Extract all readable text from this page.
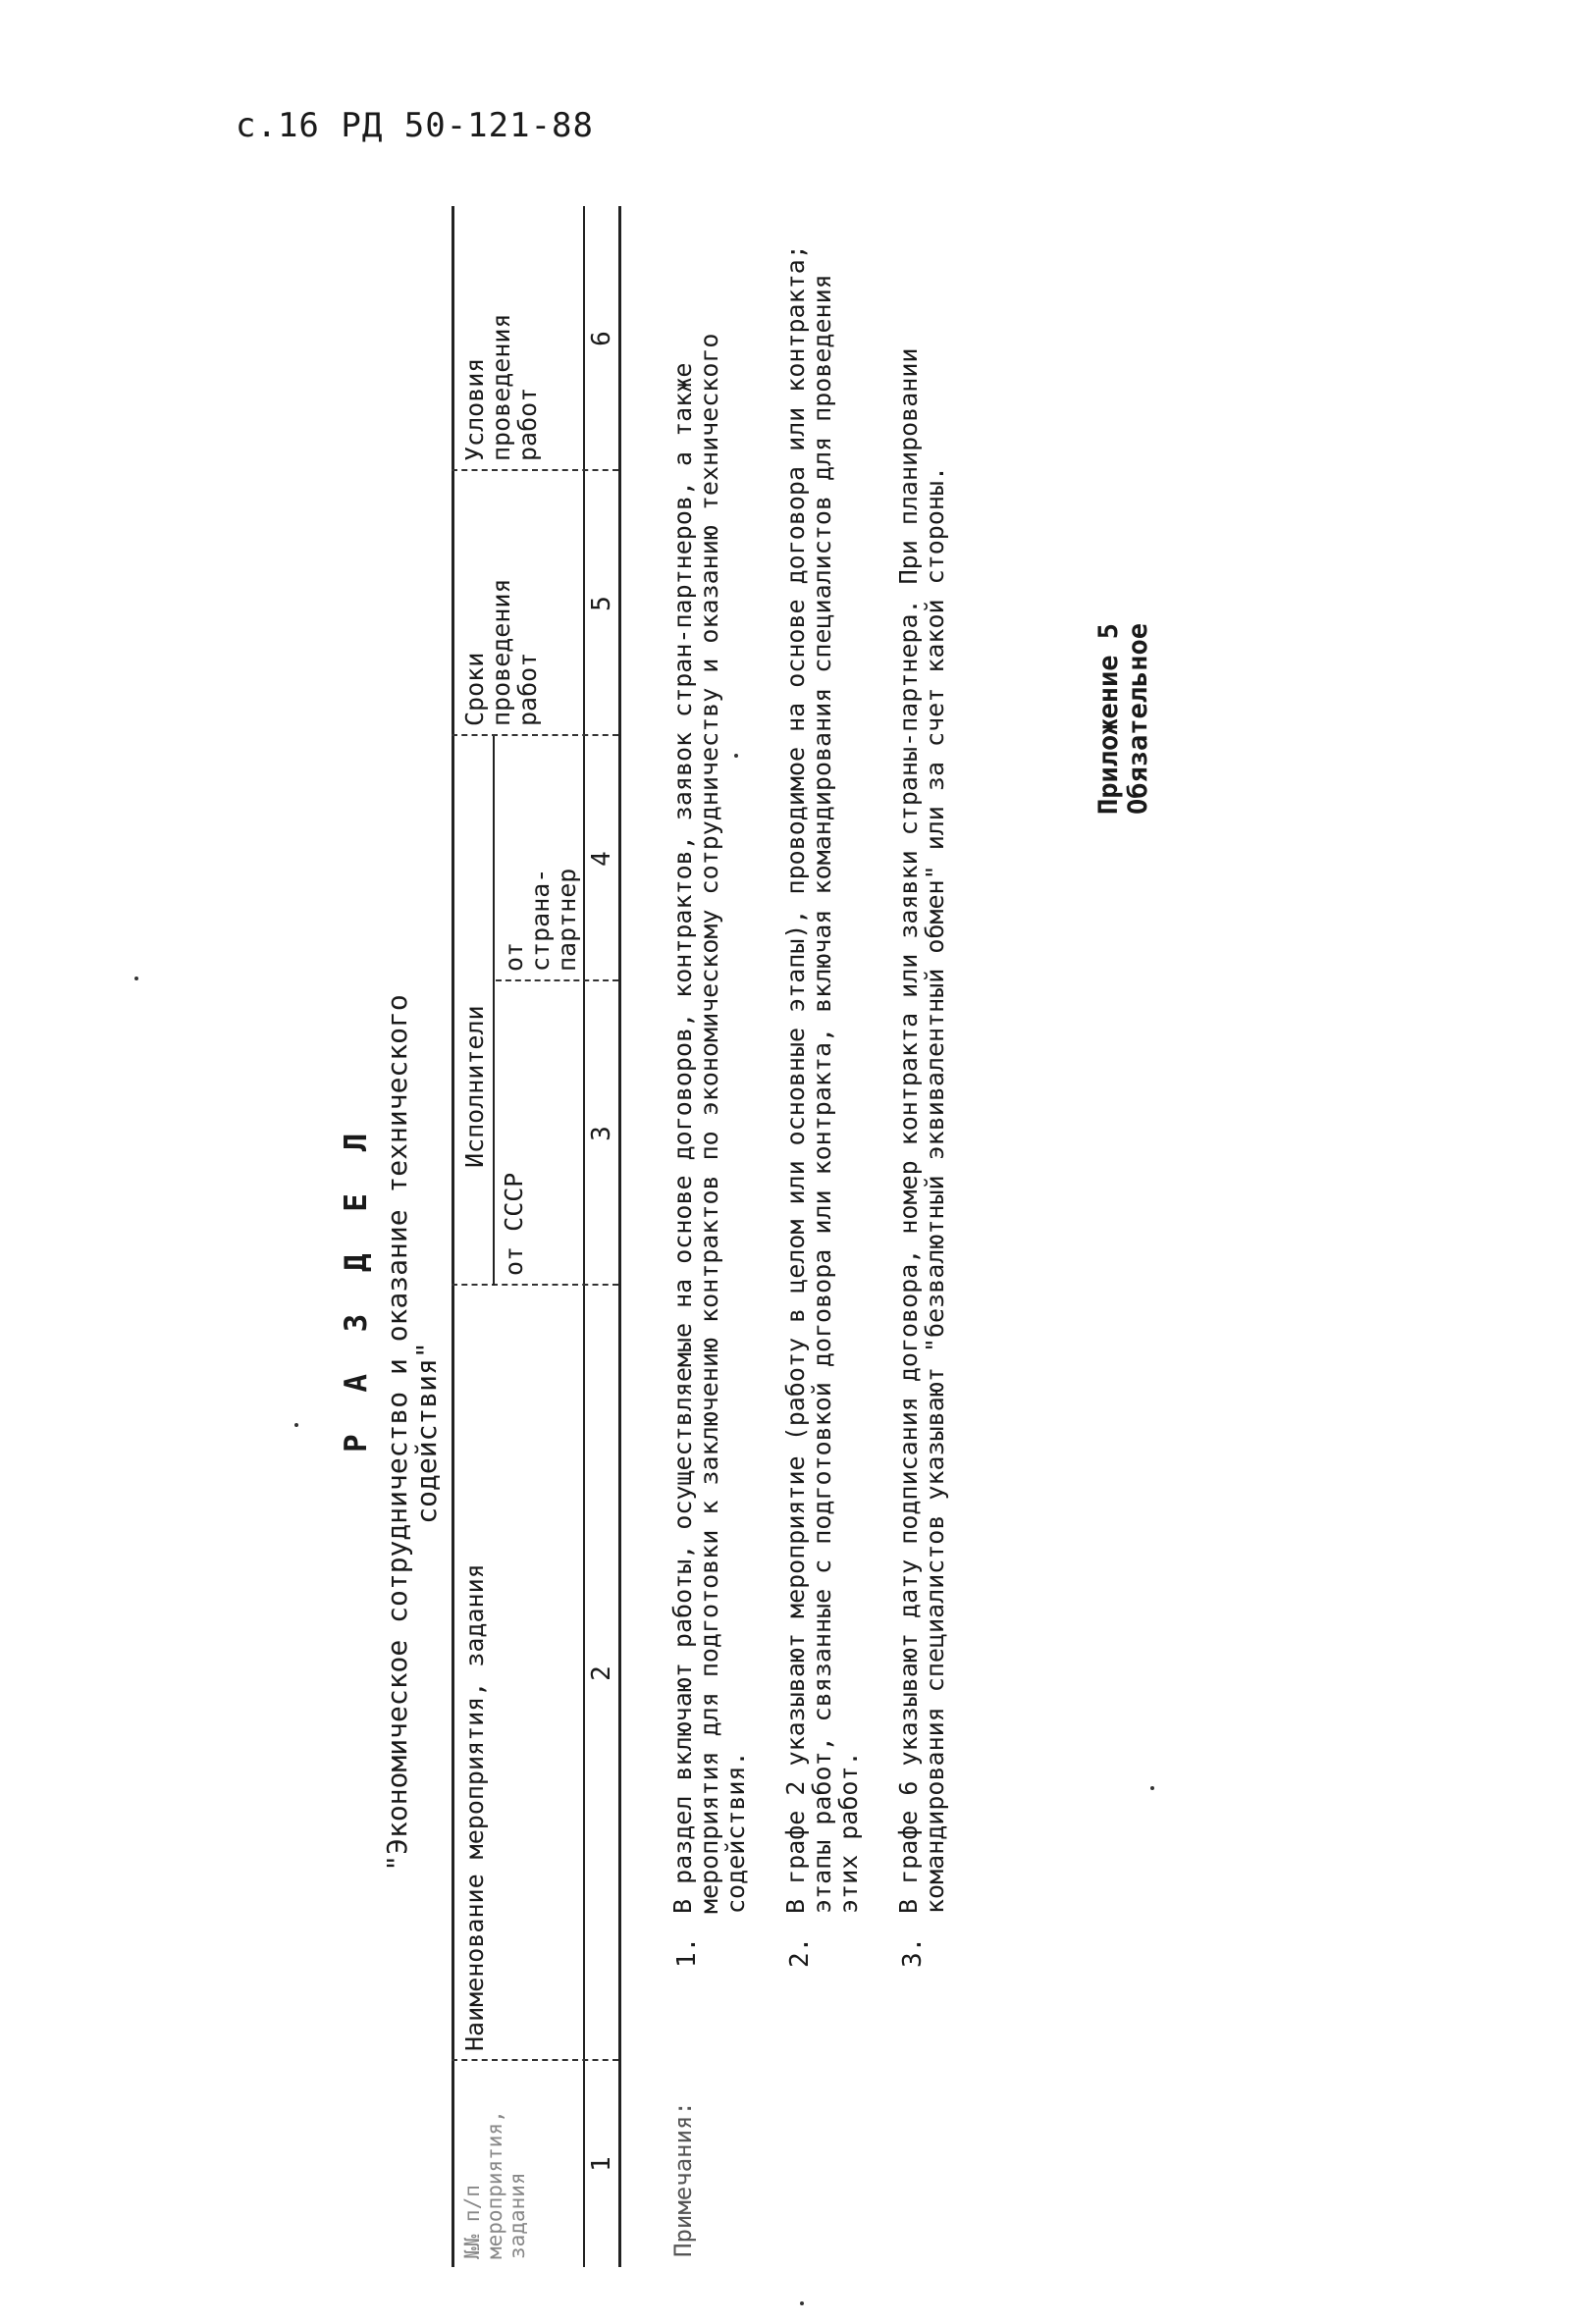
с.16 РД 50-121-88
Приложение 5 Обязательное
Р А З Д Е Л "Экономическое сотрудничество и оказание технического содействия"
№№ п/п мероприятия, задания
Наименование мероприятия, задания
Исполнители
от СССР
от страна-партнер
Сроки проведения работ
Условия проведения работ
1
2
3
4
5
6
Примечания:
1.
В раздел включают работы, осуществляемые на основе договоров, контрактов, заявок стран-партнеров, а также мероприятия для подготовки к заключению контрактов по экономическому сотрудничеству и оказанию технического содействия.
2.
В графе 2 указывают мероприятие (работу в целом или основные этапы), проводимое на основе договора или контракта; этапы работ, связанные с подготовкой договора или контракта, включая командирования специалистов для проведения этих работ.
3.
В графе 6 указывают дату подписания договора, номер контракта или заявки страны-партнера. При планировании командирования специалистов указывают "безвалютный эквивалентный обмен" или за счет какой стороны.
